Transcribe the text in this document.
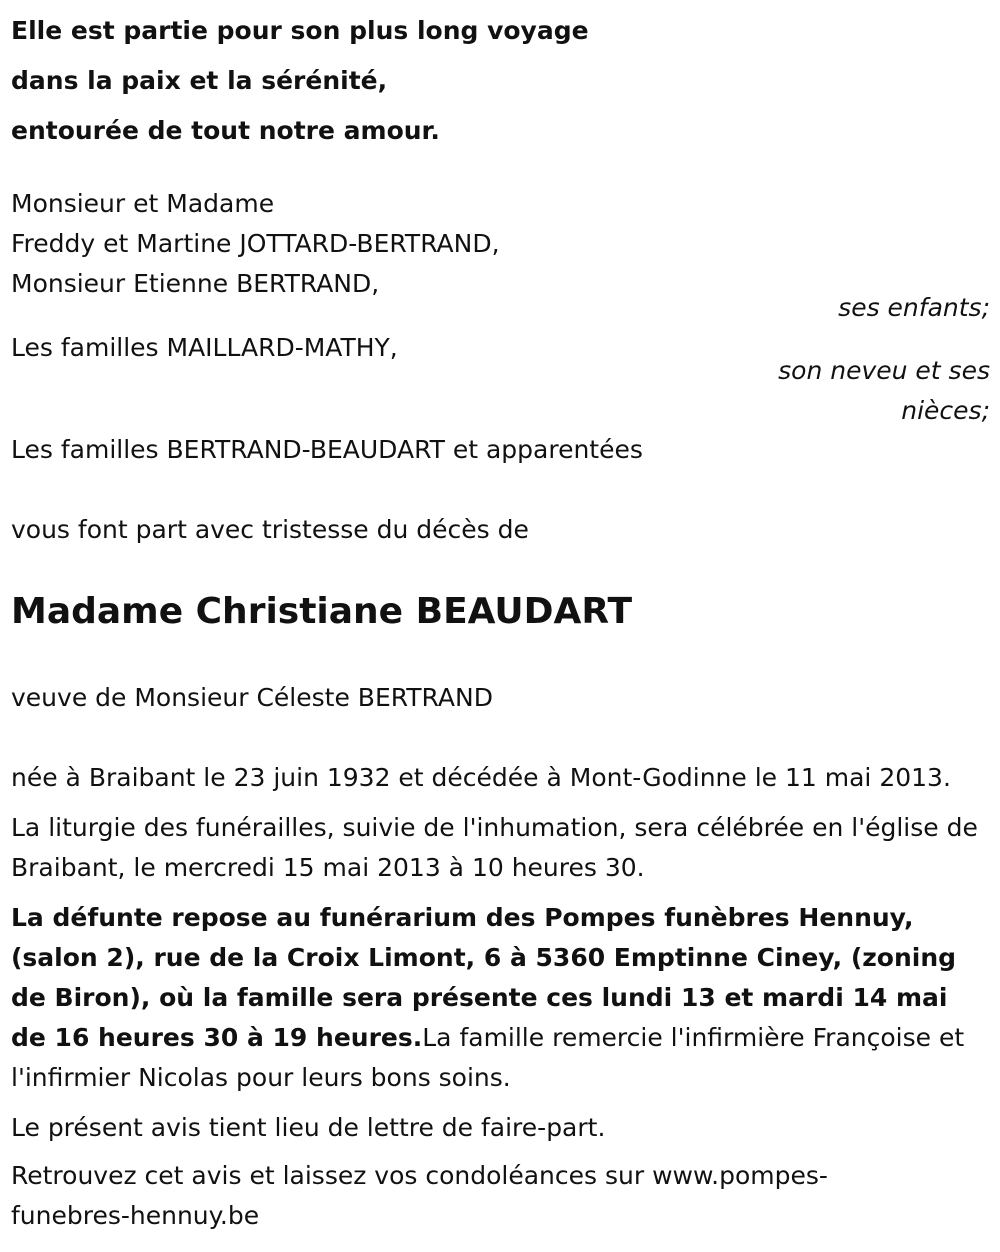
Elle est partie pour son plus long voyage
dans la paix et la sérénité,
entourée de tout notre amour.
Monsieur et Madame
Freddy et Martine JOTTARD-BERTRAND,
Monsieur Etienne BERTRAND,
ses enfants;
Les familles MAILLARD-MATHY,
son neveu et ses nièces;
Les familles BERTRAND-BEAUDART et apparentées
vous font part avec tristesse du décès de
Madame Christiane BEAUDART
veuve de Monsieur Céleste BERTRAND
née à Braibant le 23 juin 1932 et décédée à Mont-Godinne le 11 mai 2013.
La liturgie des funérailles, suivie de l'inhumation, sera célébrée en l'église de Braibant, le mercredi 15 mai 2013 à 10 heures 30.
La défunte repose au funérarium des Pompes funèbres Hennuy, (salon 2), rue de la Croix Limont, 6 à 5360 Emptinne Ciney, (zoning de Biron), où la famille sera présente ces lundi 13 et mardi 14 mai de 16 heures 30 à 19 heures.La famille remercie l'infirmière Françoise et l'infirmier Nicolas pour leurs bons soins.
Le présent avis tient lieu de lettre de faire-part.
Retrouvez cet avis et laissez vos condoléances sur www.pompes-funebres-hennuy.be
